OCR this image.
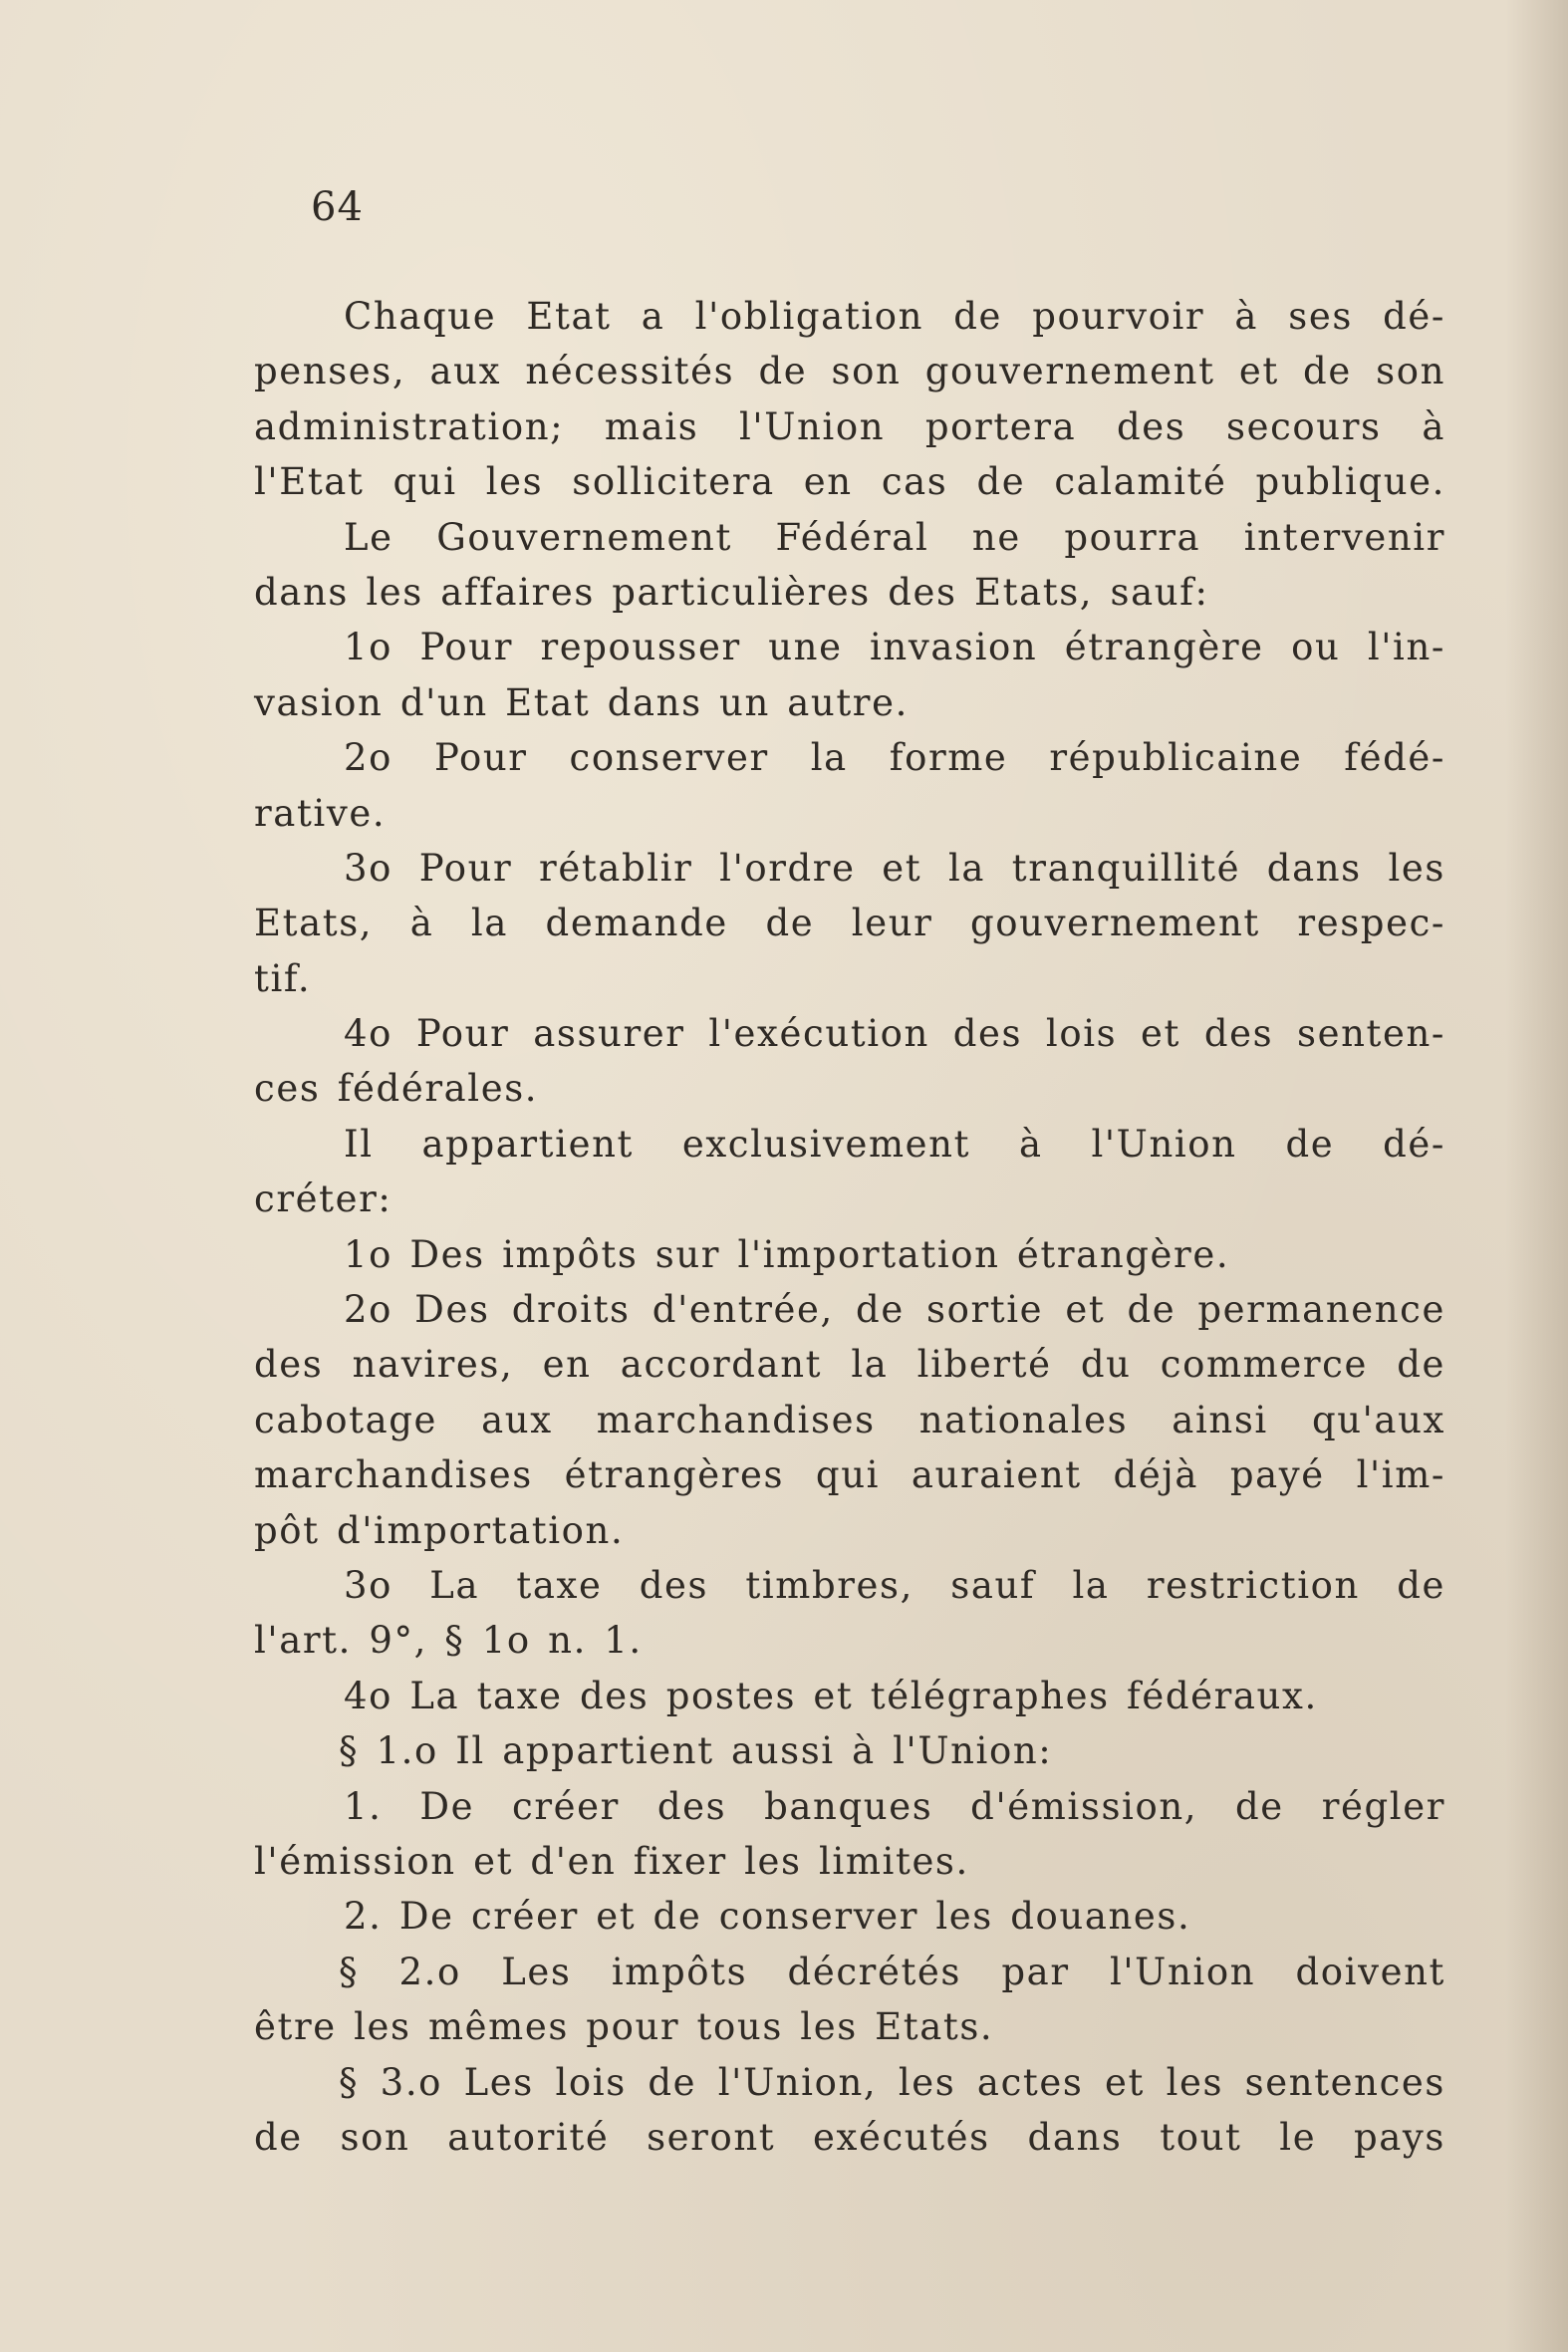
64
Chaque Etat a l'obligation de pourvoir à ses dé-
penses, aux nécessités de son gouvernement et de son
administration; mais l'Union portera des secours à
l'Etat qui les sollicitera en cas de calamité publique.
Le Gouvernement Fédéral ne pourra intervenir
dans les affaires particulières des Etats, sauf:
1o Pour repousser une invasion étrangère ou l'in-
vasion d'un Etat dans un autre.
2o Pour conserver la forme républicaine fédé-
rative.
3o Pour rétablir l'ordre et la tranquillité dans les
Etats, à la demande de leur gouvernement respec-
tif.
4o Pour assurer l'exécution des lois et des senten-
ces fédérales.
Il appartient exclusivement à l'Union de dé-
créter:
1o Des impôts sur l'importation étrangère.
2o Des droits d'entrée, de sortie et de permanence
des navires, en accordant la liberté du commerce de
cabotage aux marchandises nationales ainsi qu'aux
marchandises étrangères qui auraient déjà payé l'im-
pôt d'importation.
3o La taxe des timbres, sauf la restriction de
l'art. 9°, § 1o n. 1.
4o La taxe des postes et télégraphes fédéraux.
§ 1.o Il appartient aussi à l'Union:
1. De créer des banques d'émission, de régler
l'émission et d'en fixer les limites.
2. De créer et de conserver les douanes.
§ 2.o Les impôts décrétés par l'Union doivent
être les mêmes pour tous les Etats.
§ 3.o Les lois de l'Union, les actes et les sentences
de son autorité seront exécutés dans tout le pays
